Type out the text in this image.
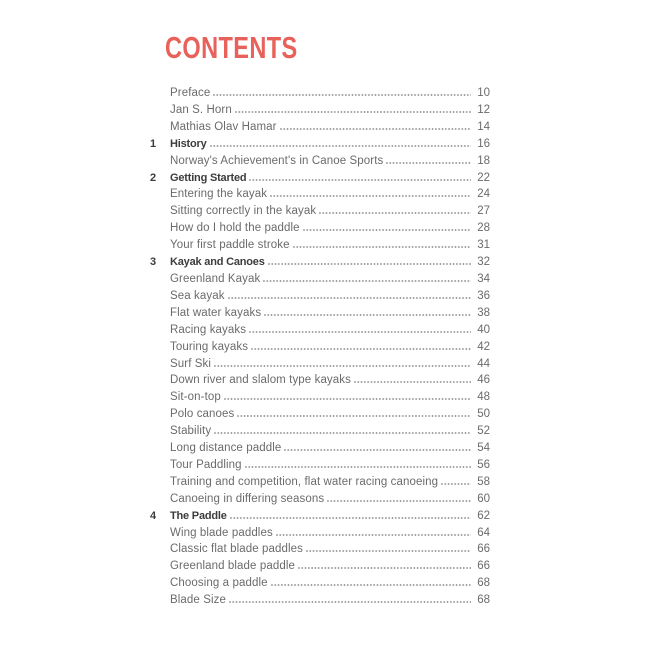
CONTENTS
Preface	10
Jan S. Horn	12
Mathias Olav Hamar	14
1	History	16
Norway's Achievement's in Canoe Sports	18
2	Getting Started	22
Entering the kayak	24
Sitting correctly in the kayak	27
How do I hold the paddle	28
Your first paddle stroke	31
3	Kayak and Canoes	32
Greenland Kayak	34
Sea kayak	36
Flat water kayaks	38
Racing kayaks	40
Touring kayaks	42
Surf Ski	44
Down river and slalom type kayaks	46
Sit-on-top	48
Polo canoes	50
Stability	52
Long distance paddle	54
Tour Paddling	56
Training and competition, flat water racing canoeing	58
Canoeing in differing seasons	60
4	The Paddle	62
Wing blade paddles	64
Classic flat blade paddles	66
Greenland blade paddle	66
Choosing a paddle	68
Blade Size	68
